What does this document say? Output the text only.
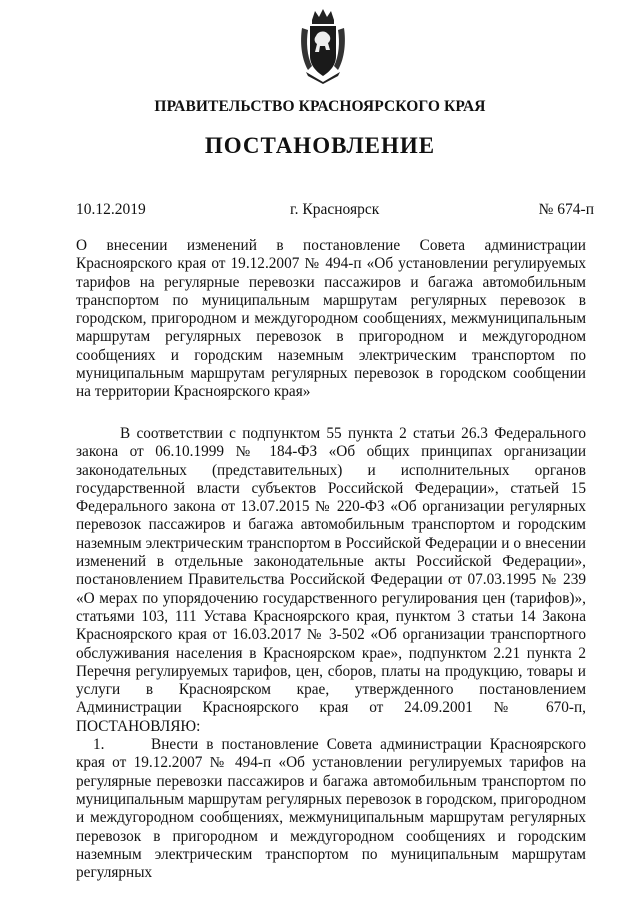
ПРАВИТЕЛЬСТВО КРАСНОЯРСКОГО КРАЯ
ПОСТАНОВЛЕНИЕ
10.12.2019	г. Красноярск	№ 674-п
О внесении изменений в постановление Совета администрации Красноярского края от 19.12.2007 № 494-п «Об установлении регулируемых тарифов на регулярные перевозки пассажиров и багажа автомобильным транспортом по муниципальным маршрутам регулярных перевозок в городском, пригородном и междугородном сообщениях, межмуниципальным маршрутам регулярных перевозок в пригородном и междугородном сообщениях и городским наземным электрическим транспортом по муниципальным маршрутам регулярных перевозок в городском сообщении на территории Красноярского края»

В соответствии с подпунктом 55 пункта 2 статьи 26.3 Федерального закона от 06.10.1999 № 184-ФЗ «Об общих принципах организации законодательных (представительных) и исполнительных органов государственной власти субъектов Российской Федерации», статьей 15 Федерального закона от 13.07.2015 № 220-ФЗ «Об организации регулярных перевозок пассажиров и багажа автомобильным транспортом и городским наземным электрическим транспортом в Российской Федерации и о внесении изменений в отдельные законодательные акты Российской Федерации», постановлением Правительства Российской Федерации от 07.03.1995 № 239 «О мерах по упорядочению государственного регулирования цен (тарифов)», статьями 103, 111 Устава Красноярского края, пунктом 3 статьи 14 Закона Красноярского края от 16.03.2017 № 3-502 «Об организации транспортного обслуживания населения в Красноярском крае», подпунктом 2.21 пункта 2 Перечня регулируемых тарифов, цен, сборов, платы на продукцию, товары и услуги в Красноярском крае, утвержденного постановлением Администрации Красноярского края от 24.09.2001 № 670-п, ПОСТАНОВЛЯЮ:

1.	Внести в постановление Совета администрации Красноярского края от 19.12.2007 № 494-п «Об установлении регулируемых тарифов на регулярные перевозки пассажиров и багажа автомобильным транспортом по муниципальным маршрутам регулярных перевозок в городском, пригородном и междугородном сообщениях, межмуниципальным маршрутам регулярных перевозок в пригородном и междугородном сообщениях и городским наземным электрическим транспортом по муниципальным маршрутам регулярных
